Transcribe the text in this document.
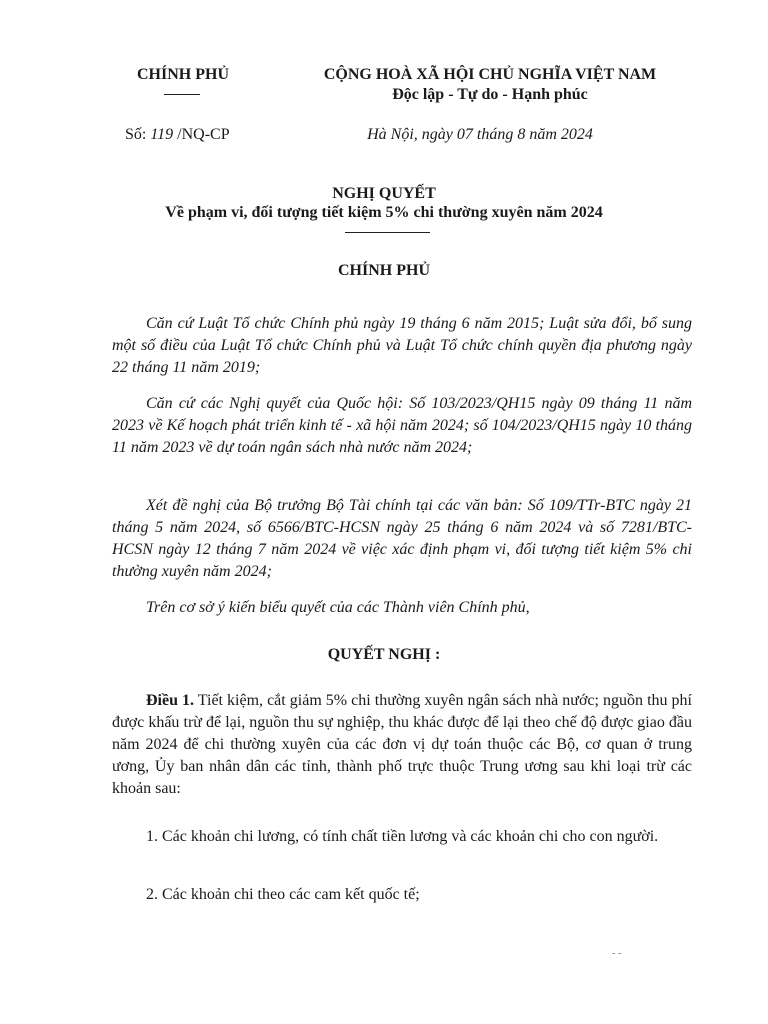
CHÍNH PHỦ	CỘNG HOÀ XÃ HỘI CHỦ NGHĨA VIỆT NAM
Độc lập - Tự do - Hạnh phúc
Số: 119 /NQ-CP	Hà Nội, ngày 07 tháng 8 năm 2024
NGHỊ QUYẾT
Về phạm vi, đối tượng tiết kiệm 5% chi thường xuyên năm 2024
CHÍNH PHỦ
Căn cứ Luật Tổ chức Chính phủ ngày 19 tháng 6 năm 2015; Luật sửa đổi, bổ sung một số điều của Luật Tổ chức Chính phủ và Luật Tổ chức chính quyền địa phương ngày 22 tháng 11 năm 2019;
Căn cứ các Nghị quyết của Quốc hội: Số 103/2023/QH15 ngày 09 tháng 11 năm 2023 về Kế hoạch phát triển kinh tế - xã hội năm 2024; số 104/2023/QH15 ngày 10 tháng 11 năm 2023 về dự toán ngân sách nhà nước năm 2024;
Xét đề nghị của Bộ trưởng Bộ Tài chính tại các văn bản: Số 109/TTr-BTC ngày 21 tháng 5 năm 2024, số 6566/BTC-HCSN ngày 25 tháng 6 năm 2024 và số 7281/BTC-HCSN ngày 12 tháng 7 năm 2024 về việc xác định phạm vi, đối tượng tiết kiệm 5% chi thường xuyên năm 2024;
Trên cơ sở ý kiến biểu quyết của các Thành viên Chính phủ,
QUYẾT NGHỊ :
Điều 1. Tiết kiệm, cắt giảm 5% chi thường xuyên ngân sách nhà nước; nguồn thu phí được khấu trừ để lại, nguồn thu sự nghiệp, thu khác được để lại theo chế độ được giao đầu năm 2024 để chi thường xuyên của các đơn vị dự toán thuộc các Bộ, cơ quan ở trung ương, Ủy ban nhân dân các tỉnh, thành phố trực thuộc Trung ương sau khi loại trừ các khoản sau:
1. Các khoản chi lương, có tính chất tiền lương và các khoản chi cho con người.
2. Các khoản chi theo các cam kết quốc tế;
- -
